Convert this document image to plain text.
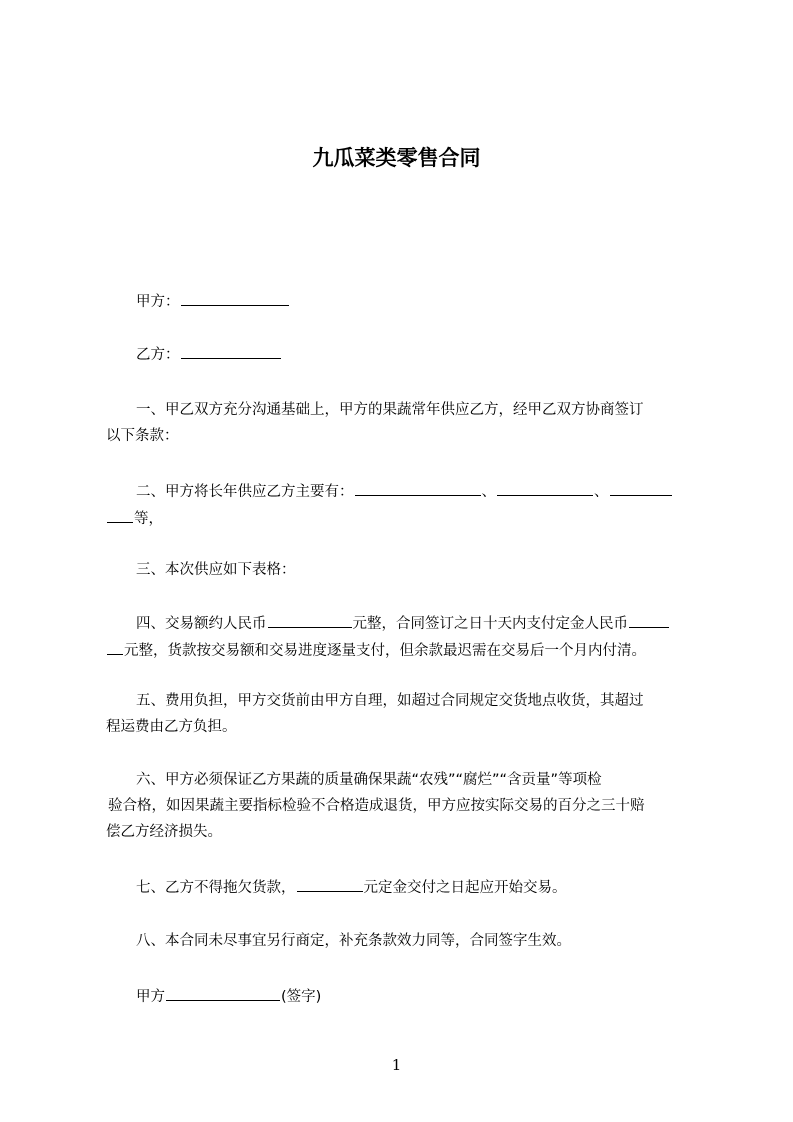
九瓜菜类零售合同
甲方：
乙方：
一、甲乙双方充分沟通基础上，甲方的果蔬常年供应乙方，经甲乙双方协商签订
以下条款：
二、甲方将长年供应乙方主要有：	、	、
等，
三、本次供应如下表格：
四、交易额约人民币	元整，合同签订之日十天内支付定金人民币
元整，货款按交易额和交易进度逐量支付，但余款最迟需在交易后一个月内付清。
五、费用负担，甲方交货前由甲方自理，如超过合同规定交货地点收货，其超过
程运费由乙方负担。
六、甲方必须保证乙方果蔬的质量确保果蔬“农残”“腐烂”“含贡量”等项检
验合格，如因果蔬主要指标检验不合格造成退货，甲方应按实际交易的百分之三十赔
偿乙方经济损失。
七、乙方不得拖欠货款，	元定金交付之日起应开始交易。
八、本合同未尽事宜另行商定，补充条款效力同等，合同签字生效。
甲方	(签字)
1
